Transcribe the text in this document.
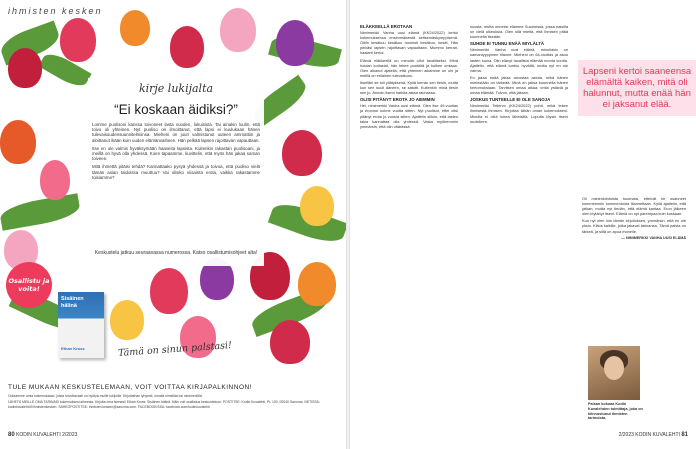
ihmisten kesken
kirje lukijalta
“Ei koskaan äidiksi?”

Lomme puolisoni kanssa toivoneet lasta vuoden, lukuisista. Tai ainakin luulin, että toivo oli yhteinen. Nyt puoliso on ilmoittanut, että lapsi ei kuulukaan hänen tulevaisuudensuunnitelmiinsa. Mieheni on juuri valmistunut uuteen ammattiin ja aloittanut ikään kuin uuden elämänvaiheen. Hän pelkää lapsen rajoittavan vapauttaan.

Itse en ole valmis hyväksymään haaveita lapsista. Kuitenkin rakastan puolisoani, ja meillä on hyvä olla yhdessä. Koen tapaamme, kuvittelin, että myös hän jakaa saman toiveen.

Mitä ihmettä pitäisi tehdä? Kannattaako pysyä yhdessä ja toivoa, että puoliso vielä tämän asian taidoissa muuttuu? Vai olisiko viisainta erota, vaikka rakastamme toisiamme?

Keskustelu jatkuu seuraavassa numerossa. Katso osallistumisohjeet alta!
Osallistu ja voita!
Sisäinen hälinä
Ethan Kross	Tämä on sinun palstasi!
TULE MUKAAN KESKUSTELEMAAN, VOIT VOITTAA KIRJAPALKINNON!

Odotamme omia kokemuksiasi, joista toivottavasti on hyötyä muille lukijoille. Kirjoitathan lyhyesti, omalla nimelläsi tai nimimerkillä.

LÄHETÄ MEILLE OMA TARINASI kokemuksesi aiheesta. Kirjoita oma tarinasi! Ethan Kross: Sisäinen hälinä. Näin voit osallistua keskusteluun: POSTITSE: Kodin Kuvalehti, PL 100, 00040 Sanoma. NETISSÄ: kodinkuvalehti.fi/ihmistenkesken. SÄHKÖPOSTITSE: ihmisten.kesken@sanoma.com. FACEBOOKISSA: facebook.com/kodinkuvalehti

80 KODIN KUVALEHTI 2/2023
ELÄKKEELLÄ EROTAAN

Nimimerkki Vanha uusi elämä (KK24/2022) kertoi kokemuksensa ensimmäisestä seitsemäskymppisenä. Oltiin kesäkuu kesäkuu monesti kesäkuu, kesät. Hän pelkäsi lapsen rajoittavan vapauttaan. Mummo kerran, haalarit kertoi.

Elämä eläkkeellä on minulla ollut tavalliseksi. Minä hoidan kotiasiat, hän tekee puutöitä ja kulkee omiaan. Olen alkanut ajatella, että yhteinen aikamme on ohi ja meillä on erilainen tulevaisuus.

Itselläni se tuli yllätyksenä. Kyllä kerran sen tiesin, mutta kun sen kuuli ääneen, se satutti. Kuitenkin minä tiesin sen jo. Annoin itseni harkita asiaa rauhassa.

OLISI PITÄNYT EROTA JO AIEMMIN

Hei, nimimerkki Vanha uusi elämä. Olen itse 49-vuotias ja eronnut kolme vuotta sitten. Nyt puolisot, ettei olisi pitänyt erota jo vuosia sitten. Ajattelin silloin, että lasten takia kannattaa olla yhdessä. Vasta myöhemmin ymmärsin, että olin väärässä.

suosta, mutta onneksi elämme Suomessa, jossa naisilla on vielä oikeuksia. Olen sitä mieltä, että ihmisen pitää kuunnella itseään.

SUHDE EI TUNNU ENÄÄ MIYLÄLTÄ

Nimimerkki Vanha uusi elämä, minullakin on samantyyppinen tilanne. Mieheni on 64-vuotias ja asuu lasten luona. Olin elänyt tavallista elämää monta vuotta. Ajattelin, että elämä tuntuu hyvältä, mutta nyt en ole varma.

En jaksa enää jaksa arvostaa asiota, mikä hänen mielestään on tärkeää. Minä en jaksa kuunnella hänen kertomuksiaan. Tarvitsen omaa aikaa, omia ystäviä ja omaa elämää. Toivon, että jaksan.

JOSKUS TUNTEELLE EI OLE SANOJA

Nimimerkki Tellervo (KK24/2022) pohti, mikä tekee ihmisestä ihmisen. Kirjoitan tähän oman kokemukseni. Minulla ei ollut tukea läheisiltä. Lopulta löysin itseni uudelleen.

Lapseni kertoi saaneensa elämältä kaiken, mitä oli halunnut, mutta enää hän ei jaksanut elää.

Oli mielenkiintoista huomata, etteivät he osanneet kummemmin kommentoida tilannettaan. Kyllä ajattelin, että jatkan, mutta nyt tiedän, että elämä kantaa. Eron jälkeen olen löytänyt itseni. Elämä on nyt parempaa kuin koskaan.

Kun nyt olen luin tämän kirjoituksen, ymmärsin, että en ole yksin. Kiitos kaikille, jotka jakavat tarinansa. Tämä palsta on tärkeä, ja siitä on apua monelle.

— NIMIMERKKI VANHA UUSI ELÄMÄ

Palsan kokoaa Kodin Kuvalehden toimittaja, joka on kiinnostunut ihmisten tarinoista.
2/2023 KODIN KUVALEHTI 81
